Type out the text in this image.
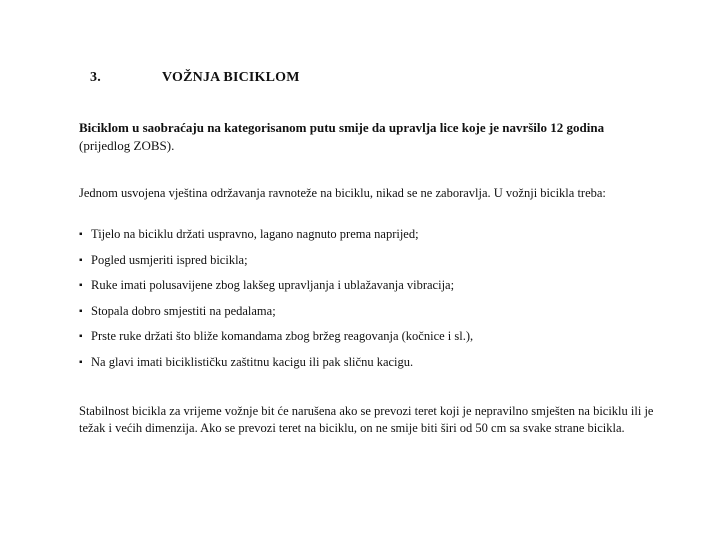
3.	VOŽNJA BICIKLOM
Biciklom u saobraćaju na kategorisanom putu smije da upravlja lice koje je navršilo 12 godina
(prijedlog ZOBS).
Jednom usvojena vještina održavanja ravnoteže na biciklu, nikad se ne zaboravlja. U vožnji bicikla treba:
▪ Tijelo na biciklu držati uspravno, lagano nagnuto prema naprijed;
▪ Pogled usmjeriti ispred bicikla;
▪ Ruke imati polusavijene zbog lakšeg upravljanja i ublažavanja vibracija;
▪ Stopala dobro smjestiti na pedalama;
▪ Prste ruke držati što bliže komandama zbog bržeg reagovanja (kočnice i sl.),
▪ Na glavi imati biciklističku zaštitnu kacigu ili pak sličnu kacigu.
Stabilnost bicikla za vrijeme vožnje bit će narušena ako se prevozi teret koji je nepravilno smješten na biciklu ili je težak i većih dimenzija. Ako se prevozi teret na biciklu, on ne smije biti širi od 50 cm sa svake strane bicikla.
